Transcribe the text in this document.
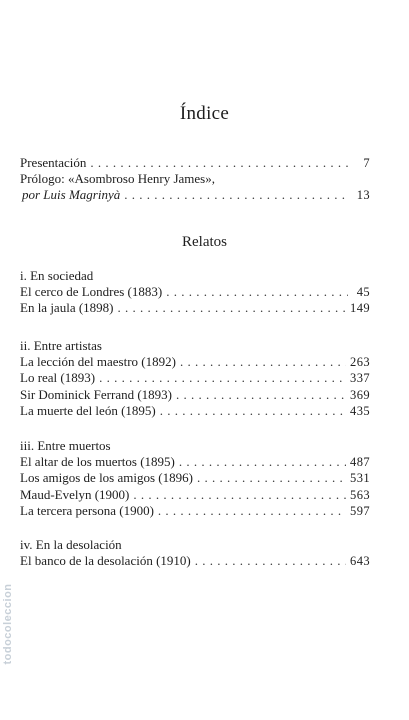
Índice
Presentación . . .	7
Prólogo: «Asombroso Henry James»,
por Luis Magrinyà . . .	13
Relatos
i. En sociedad
El cerco de Londres (1883) . . .	45
En la jaula (1898) . . .	149
ii. Entre artistas
La lección del maestro (1892) . . .	263
Lo real (1893) . . .	337
Sir Dominick Ferrand (1893) . . .	369
La muerte del león (1895) . . .	435
iii. Entre muertos
El altar de los muertos (1895) . . .	487
Los amigos de los amigos (1896) . . .	531
Maud-Evelyn (1900) . . .	563
La tercera persona (1900) . . .	597
iv. En la desolación
El banco de la desolación (1910) . . .	643
todocoleccion
